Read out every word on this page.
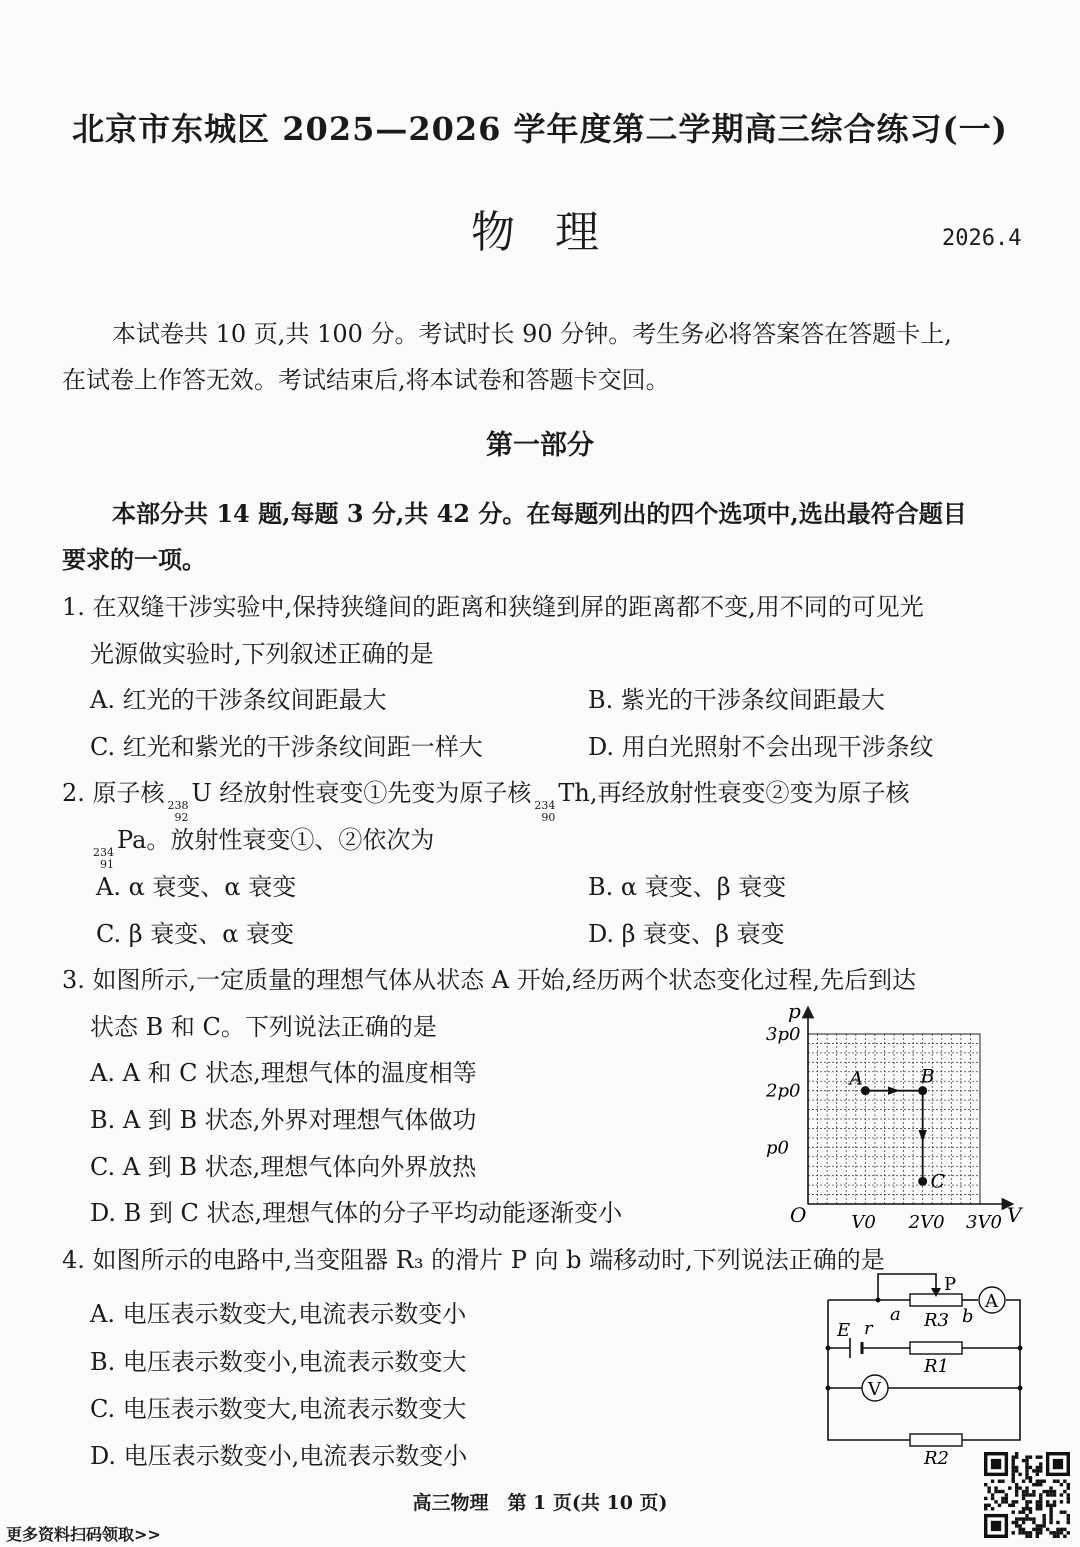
北京市东城区 2025—2026 学年度第二学期高三综合练习(一)
物理	2026.4
本试卷共 10 页,共 100 分。考试时长 90 分钟。考生务必将答案答在答题卡上,
在试卷上作答无效。考试结束后,将本试卷和答题卡交回。
第一部分
本部分共 14 题,每题 3 分,共 42 分。在每题列出的四个选项中,选出最符合题目
要求的一项。
1. 在双缝干涉实验中,保持狭缝间的距离和狭缝到屏的距离都不变,用不同的可见光
光源做实验时,下列叙述正确的是
A. 红光的干涉条纹间距最大	B. 紫光的干涉条纹间距最大
C. 红光和紫光的干涉条纹间距一样大	D. 用白光照射不会出现干涉条纹
2. 原子核 238
92
U 经放射性衰变①先变为原子核 234
90
Th,再经放射性衰变②变为原子核
234
91
Pa。放射性衰变①、②依次为
A. α 衰变、α 衰变	B. α 衰变、β 衰变
C. β 衰变、α 衰变	D. β 衰变、β 衰变
3. 如图所示,一定质量的理想气体从状态 A 开始,经历两个状态变化过程,先后到达
状态 B 和 C。下列说法正确的是
A. A 和 C 状态,理想气体的温度相等
B. A 到 B 状态,外界对理想气体做功
C. A 到 B 状态,理想气体向外界放热
D. B 到 C 状态,理想气体的分子平均动能逐渐变小
p
V
O
3p0
2p0
p0
V0 2V0 3V0
A	B
C
4. 如图所示的电路中,当变阻器 R₃ 的滑片 P 向 b 端移动时,下列说法正确的是
A. 电压表示数变大,电流表示数变小
B. 电压表示数变小,电流表示数变大
C. 电压表示数变大,电流表示数变大
D. 电压表示数变小,电流表示数变小
A
V
P
a	b
R3
R1
R2
E r
高三物理　第 1 页(共 10 页)
更多资料扫码领取>>
